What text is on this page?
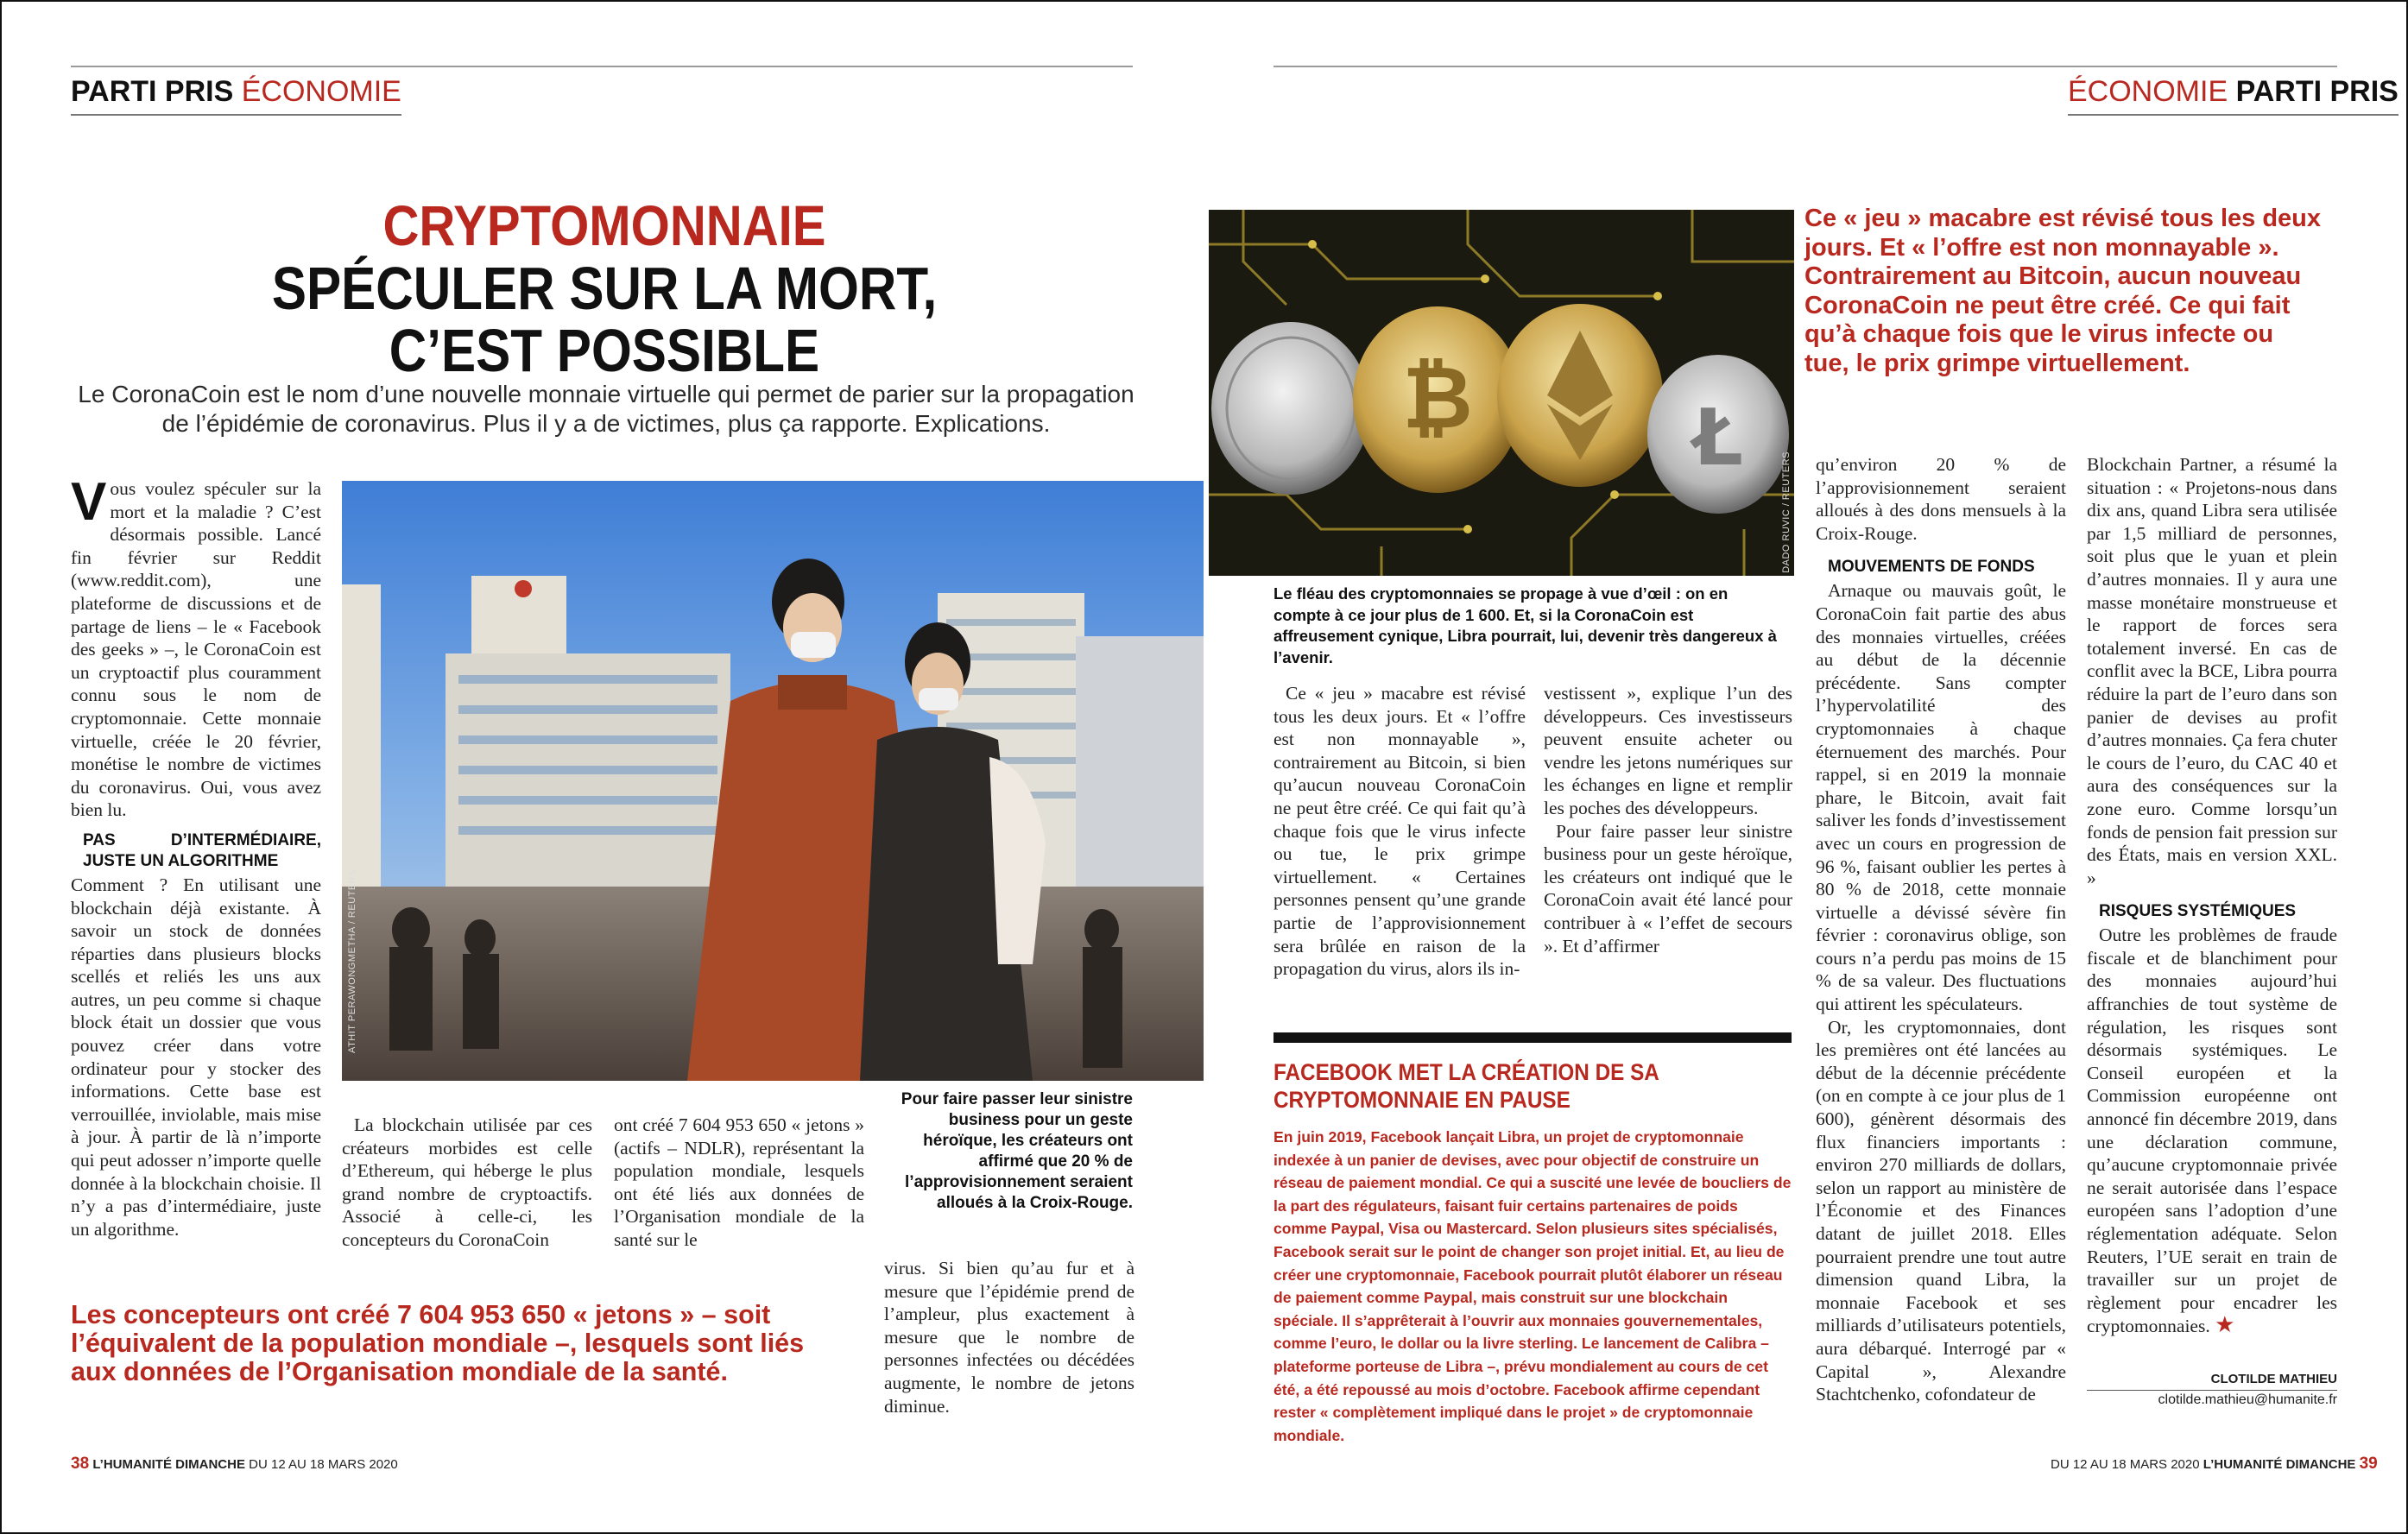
PARTI PRIS ÉCONOMIE	ÉCONOMIE PARTI PRIS
CRYPTOMONNAIE
SPÉCULER SUR LA MORT,
C’EST POSSIBLE
Le CoronaCoin est le nom d’une nouvelle monnaie virtuelle qui permet de parier sur la propagation de l’épidémie de coronavirus. Plus il y a de victimes, plus ça rapporte. Explications.

Vous voulez spéculer sur la mort et la maladie ? C’est désormais possible. Lancé fin février sur Reddit (www.reddit.com), une plateforme de discussions et de partage de liens – le « Facebook des geeks » –, le CoronaCoin est un cryptoactif plus couramment connu sous le nom de cryptomonnaie. Cette monnaie virtuelle, créée le 20 février, monétise le nombre de victimes du coronavirus. Oui, vous avez bien lu.

PAS D’INTERMÉDIAIRE, JUSTE UN ALGORITHME

Comment ? En utilisant une blockchain déjà existante. À savoir un stock de données réparties dans plusieurs blocks scellés et reliés les uns aux autres, un peu comme si chaque block était un dossier que vous pouvez créer dans votre ordinateur pour y stocker des informations. Cette base est verrouillée, inviolable, mais mise à jour. À partir de là n’importe qui peut adosser n’importe quelle donnée à la blockchain choisie. Il n’y a pas d’intermédiaire, juste un algorithme.

ATHIT PERAWONGMETHA / REUTERS
Pour faire passer leur sinistre business pour un geste héroïque, les créateurs ont affirmé que 20 % de l’approvisionnement seraient alloués à la Croix-Rouge.
La blockchain utilisée par ces créateurs morbides est celle d’Ethereum, qui héberge le plus grand nombre de cryptoactifs. Associé à celle-ci, les concepteurs du CoronaCoin
ont créé 7 604 953 650 « jetons » (actifs – NDLR), représentant la population mondiale, lesquels ont été liés aux données de l’Organisation mondiale de la santé sur le
virus. Si bien qu’au fur et à mesure que l’épidémie prend de l’ampleur, plus exactement à mesure que le nombre de personnes infectées ou décédées augmente, le nombre de jetons diminue.
Les concepteurs ont créé 7 604 953 650 « jetons » – soit l’équivalent de la population mondiale –, lesquels sont liés aux données de l’Organisation mondiale de la santé.
₿	Ł
DADO RUVIC / REUTERS
Le fléau des cryptomonnaies se propage à vue d’œil : on en compte à ce jour plus de 1 600. Et, si la CoronaCoin est affreusement cynique, Libra pourrait, lui, devenir très dangereux à l’avenir.
Ce « jeu » macabre est révisé tous les deux jours. Et « l’offre est non monnayable ». Contrairement au Bitcoin, aucun nouveau CoronaCoin ne peut être créé. Ce qui fait qu’à chaque fois que le virus infecte ou tue, le prix grimpe virtuellement.
Ce « jeu » macabre est révisé tous les deux jours. Et « l’offre est non monnayable », contrairement au Bitcoin, si bien qu’aucun nouveau CoronaCoin ne peut être créé. Ce qui fait qu’à chaque fois que le virus infecte ou tue, le prix grimpe virtuellement. « Certaines personnes pensent qu’une grande partie de l’approvisionnement sera brûlée en raison de la propagation du virus, alors ils in-

vestissent », explique l’un des développeurs. Ces investisseurs peuvent ensuite acheter ou vendre les jetons numériques sur les échanges en ligne et remplir les poches des développeurs.

Pour faire passer leur sinistre business pour un geste héroïque, les créateurs ont indiqué que le CoronaCoin avait été lancé pour contribuer à « l’effet de secours ». Et d’affirmer

FACEBOOK MET LA CRÉATION DE SA CRYPTOMONNAIE EN PAUSE
En juin 2019, Facebook lançait Libra, un projet de cryptomonnaie indexée à un panier de devises, avec pour objectif de construire un réseau de paiement mondial. Ce qui a suscité une levée de boucliers de la part des régulateurs, faisant fuir certains partenaires de poids comme Paypal, Visa ou Mastercard. Selon plusieurs sites spécialisés, Facebook serait sur le point de changer son projet initial. Et, au lieu de créer une cryptomonnaie, Facebook pourrait plutôt élaborer un réseau de paiement comme Paypal, mais construit sur une blockchain spéciale. Il s’apprêterait à l’ouvrir aux monnaies gouvernementales, comme l’euro, le dollar ou la livre sterling. Le lancement de Calibra – plateforme porteuse de Libra –, prévu mondialement au cours de cet été, a été repoussé au mois d’octobre. Facebook affirme cependant rester « complètement impliqué dans le projet » de cryptomonnaie mondiale.

qu’environ 20 % de l’approvisionnement seraient alloués à des dons mensuels à la Croix-Rouge.

MOUVEMENTS DE FONDS

Arnaque ou mauvais goût, le CoronaCoin fait partie des abus des monnaies virtuelles, créées au début de la décennie précédente. Sans compter l’hypervolatilité des cryptomonnaies à chaque éternuement des marchés. Pour rappel, si en 2019 la monnaie phare, le Bitcoin, avait fait saliver les fonds d’investissement avec un cours en progression de 96 %, faisant oublier les pertes à 80 % de 2018, cette monnaie virtuelle a dévissé sévère fin février : coronavirus oblige, son cours n’a perdu pas moins de 15 % de sa valeur. Des fluctuations qui attirent les spéculateurs.

Or, les cryptomonnaies, dont les premières ont été lancées au début de la décennie précédente (on en compte à ce jour plus de 1 600), génèrent désormais des flux financiers importants : environ 270 milliards de dollars, selon un rapport au ministère de l’Économie et des Finances datant de juillet 2018. Elles pourraient prendre une tout autre dimension quand Libra, la monnaie Facebook et ses milliards d’utilisateurs potentiels, aura débarqué. Interrogé par « Capital », Alexandre Stachtchenko, cofondateur de

Blockchain Partner, a résumé la situation : « Projetons-nous dans dix ans, quand Libra sera utilisée par 1,5 milliard de personnes, soit plus que le yuan et plein d’autres monnaies. Il y aura une masse monétaire monstrueuse et le rapport de forces sera totalement inversé. En cas de conflit avec la BCE, Libra pourra réduire la part de l’euro dans son panier de devises au profit d’autres monnaies. Ça fera chuter le cours de l’euro, du CAC 40 et aura des conséquences sur la zone euro. Comme lorsqu’un fonds de pension fait pression sur des États, mais en version XXL. »

RISQUES SYSTÉMIQUES

Outre les problèmes de fraude fiscale et de blanchiment pour des monnaies aujourd’hui affranchies de tout système de régulation, les risques sont désormais systémiques. Le Conseil européen et la Commission européenne ont annoncé fin décembre 2019, dans une déclaration commune, qu’aucune cryptomonnaie privée ne serait autorisée dans l’espace européen sans l’adoption d’une réglementation adéquate. Selon Reuters, l’UE serait en train de travailler sur un projet de règlement pour encadrer les cryptomonnaies. ★

CLOTILDE MATHIEU
clotilde.mathieu@humanite.fr
38 L’HUMANITÉ DIMANCHE DU 12 AU 18 MARS 2020	DU 12 AU 18 MARS 2020 L’HUMANITÉ DIMANCHE 39
